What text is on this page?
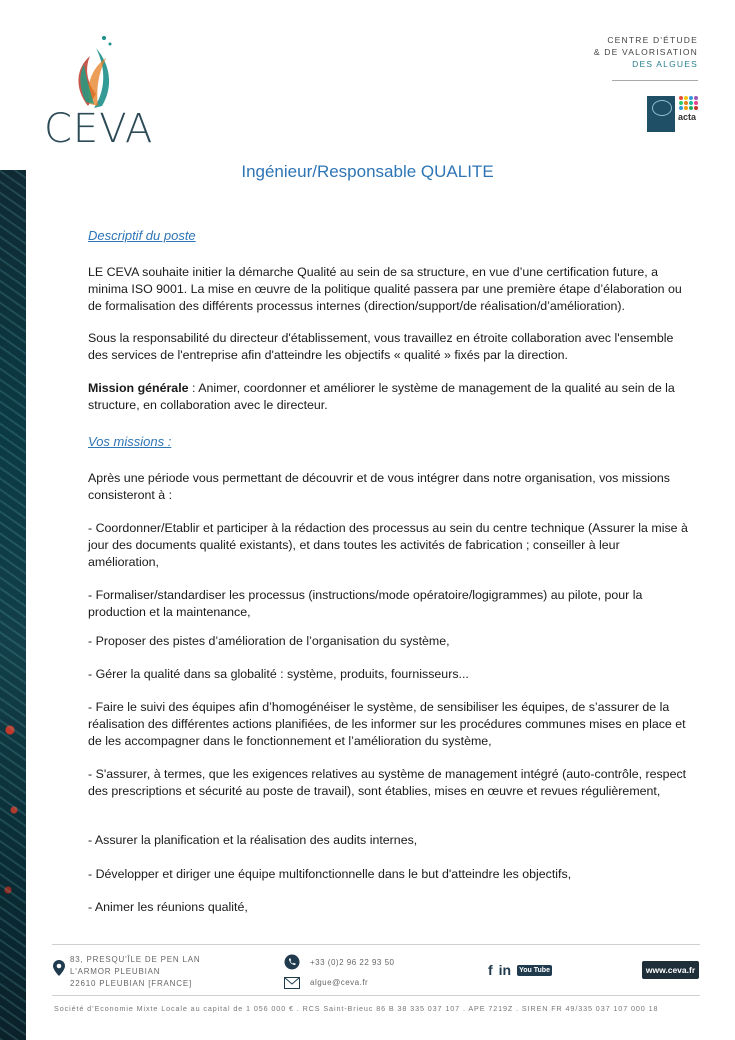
CEVA
CENTRE D'ÉTUDE
& DE VALORISATION
DES ALGUES
acta
Ingénieur/Responsable QUALITE
Descriptif du poste
LE CEVA souhaite initier la démarche Qualité au sein de sa structure, en vue d’une certification future, a minima ISO 9001. La mise en œuvre de la politique qualité passera par une première étape d’élaboration ou de formalisation des différents processus internes (direction/support/de réalisation/d’amélioration).
Sous la responsabilité du directeur d'établissement, vous travaillez en étroite collaboration avec l'ensemble des services de l'entreprise afin d'atteindre les objectifs « qualité » fixés par la direction.
Mission générale : Animer, coordonner et améliorer le système de management de la qualité au sein de la structure, en collaboration avec le directeur.
Vos missions :
Après une période vous permettant de découvrir et de vous intégrer dans notre organisation, vos missions consisteront à :
- Coordonner/Etablir et participer à la rédaction des processus au sein du centre technique (Assurer la mise à jour des documents qualité existants), et dans toutes les activités de fabrication ; conseiller à leur amélioration,
- Formaliser/standardiser les processus (instructions/mode opératoire/logigrammes) au pilote, pour la production et la maintenance,
- Proposer des pistes d’amélioration de l’organisation du système,
- Gérer la qualité dans sa globalité : système, produits, fournisseurs...
- Faire le suivi des équipes afin d’homogénéiser le système, de sensibiliser les équipes, de s’assurer de la réalisation des différentes actions planifiées, de les informer sur les procédures communes mises en place et de les accompagner dans le fonctionnement et l’amélioration du système,
- S'assurer, à termes, que les exigences relatives au système de management intégré (auto-contrôle, respect des prescriptions et sécurité au poste de travail), sont établies, mises en œuvre et revues régulièrement,
- Assurer la planification et la réalisation des audits internes,
- Développer et diriger une équipe multifonctionnelle dans le but d'atteindre les objectifs,
- Animer les réunions qualité,
83, PRESQU'ÎLE DE PEN LAN
L'ARMOR PLEUBIAN
22610 PLEUBIAN [FRANCE]
+33 (0)2 96 22 93 50
algue@ceva.fr
f in You Tube	www.ceva.fr
Société d’Economie Mixte Locale au capital de 1 056 000 € . RCS Saint-Brieuc 86 B 38 335 037 107 . APE 7219Z . SIREN FR 49/335 037 107 000 18
